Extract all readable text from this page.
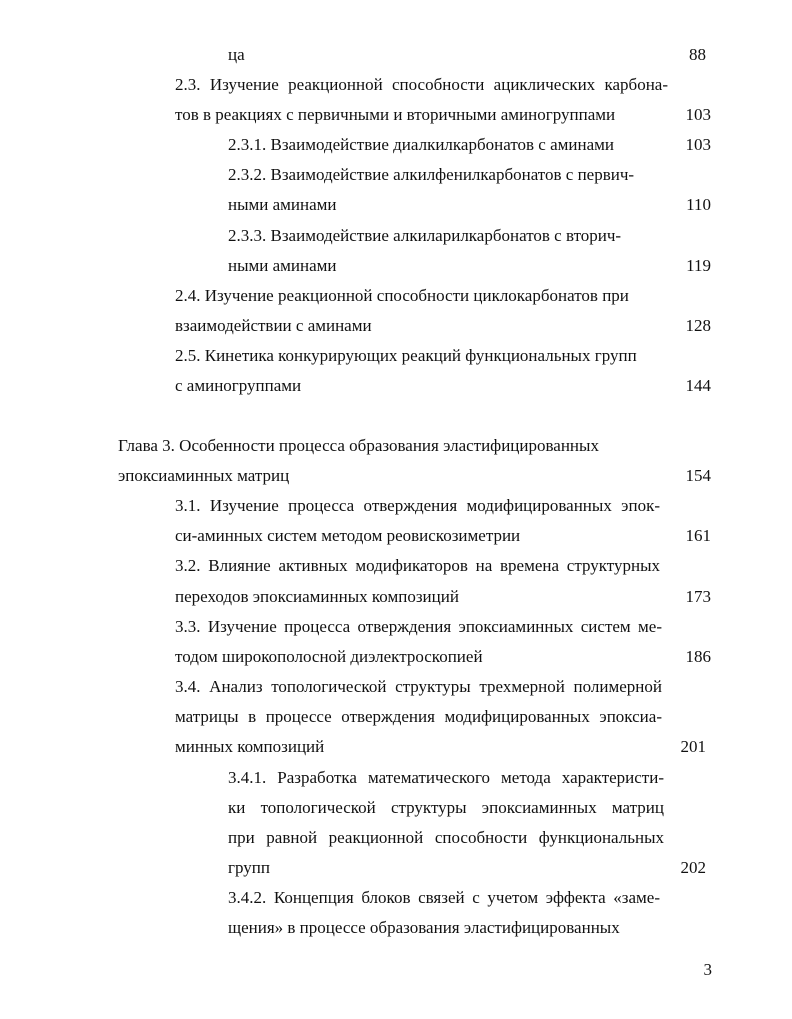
ца	88
2.3. Изучение реакционной способности ациклических карбона-
тов в реакциях с первичными и вторичными аминогруппами	103
2.3.1. Взаимодействие диалкилкарбонатов с аминами	103
2.3.2. Взаимодействие алкилфенилкарбонатов с первич-
ными аминами	110
2.3.3. Взаимодействие алкиларилкарбонатов с вторич-
ными аминами	119
2.4. Изучение реакционной способности циклокарбонатов при
взаимодействии с аминами	128
2.5. Кинетика конкурирующих реакций функциональных групп
с аминогруппами	144
Глава 3. Особенности процесса образования эластифицированных
эпоксиаминных матриц	154
3.1. Изучение процесса отверждения модифицированных эпок-
си-аминных систем методом реовискозиметрии	161
3.2. Влияние активных модификаторов на времена структурных
переходов эпоксиаминных композиций	173
3.3. Изучение процесса отверждения эпоксиаминных систем ме-
тодом широкополосной диэлектроскопией	186
3.4. Анализ топологической структуры трехмерной полимерной
матрицы в процессе отверждения модифицированных эпоксиа-
минных композиций	201
3.4.1. Разработка математического метода характеристи-
ки топологической структуры эпоксиаминных матриц
при равной реакционной способности функциональных
групп	202
3.4.2. Концепция блоков связей с учетом эффекта «заме-
щения» в процессе образования эластифицированных
3
